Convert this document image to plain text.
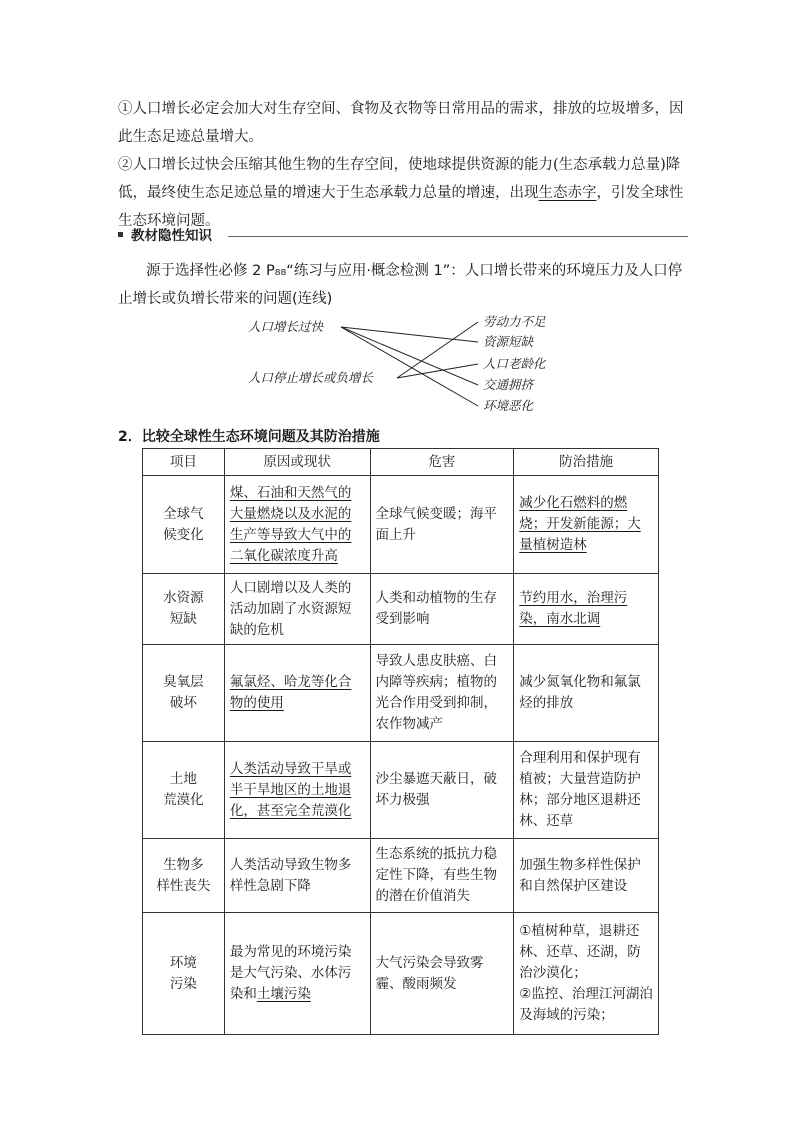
①人口增长必定会加大对生存空间、食物及衣物等日常用品的需求，排放的垃圾增多，因此生态足迹总量增大。

②人口增长过快会压缩其他生物的生存空间，使地球提供资源的能力(生态承载力总量)降低，最终使生态足迹总量的增速大于生态承载力总量的增速，出现生态赤字，引发全球性生态环境问题。

教材隐性知识

源于选择性必修 2 P₈₈“练习与应用·概念检测 1”：人口增长带来的环境压力及人口停止增长或负增长带来的问题(连线)

人口增长过快
人口停止增长或负增长
劳动力不足
资源短缺
人口老龄化
交通拥挤
环境恶化
2．比较全球性生态环境问题及其防治措施
项目	原因或现状	危害	防治措施
全球气
候变化	煤、石油和天然气的大量燃烧以及水泥的生产等导致大气中的二氧化碳浓度升高	全球气候变暖；海平面上升	减少化石燃料的燃烧；开发新能源；大量植树造林
水资源
短缺	人口剧增以及人类的活动加剧了水资源短缺的危机	人类和动植物的生存受到影响	节约用水，治理污染，南水北调
臭氧层
破坏	氟氯烃、哈龙等化合物的使用	导致人患皮肤癌、白内障等疾病；植物的光合作用受到抑制，农作物减产	减少氮氧化物和氟氯烃的排放
土地
荒漠化	人类活动导致干旱或半干旱地区的土地退化，甚至完全荒漠化	沙尘暴遮天蔽日，破坏力极强	合理利用和保护现有植被；大量营造防护林；部分地区退耕还林、还草
生物多
样性丧失	人类活动导致生物多样性急剧下降	生态系统的抵抗力稳定性下降，有些生物的潜在价值消失	加强生物多样性保护和自然保护区建设
环境
污染	最为常见的环境污染是大气污染、水体污染和土壤污染	大气污染会导致雾霾、酸雨频发	①植树种草，退耕还林、还草、还湖，防治沙漠化；
②监控、治理江河湖泊及海域的污染；
